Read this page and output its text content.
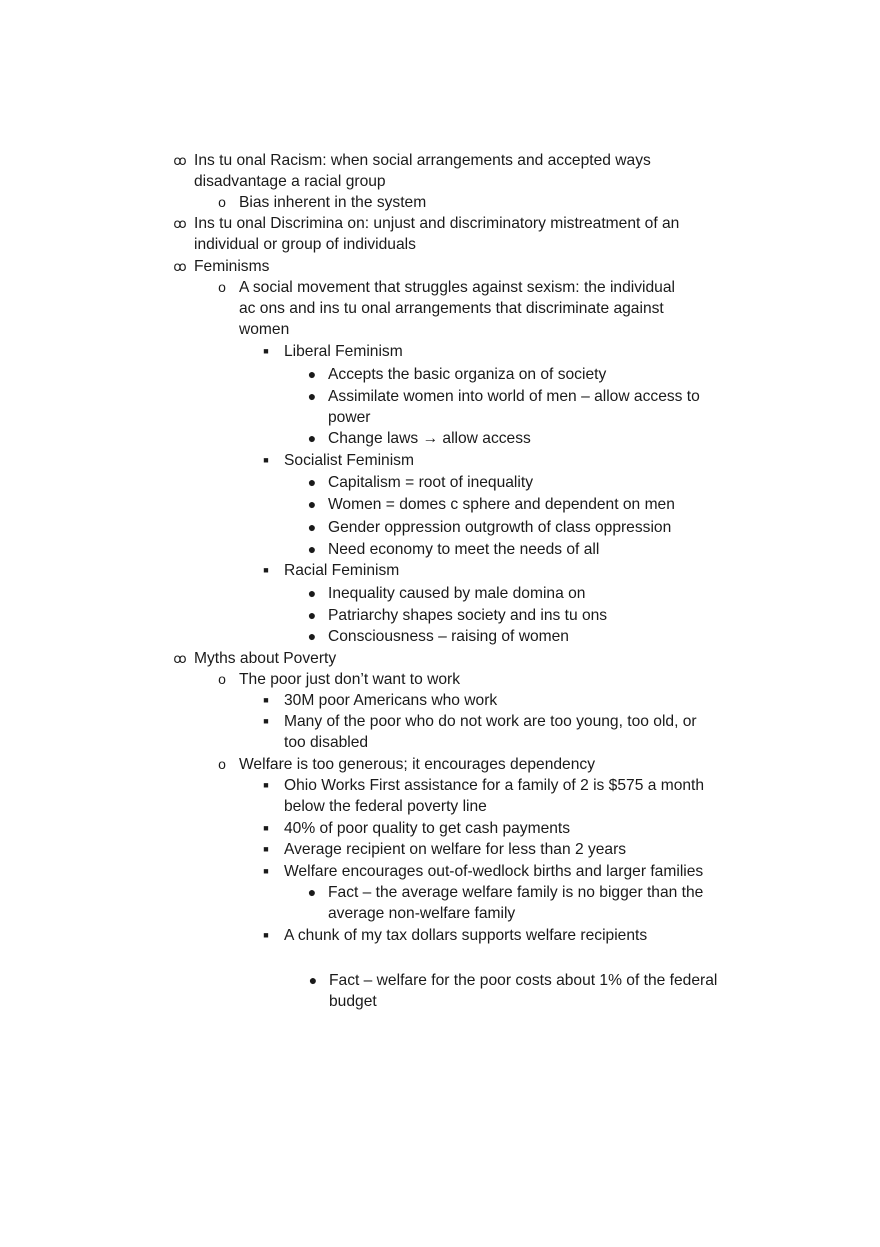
ꝏ Ins tu onal Racism: when social arrangements and accepted ways
disadvantage a racial group
o Bias inherent in the system
ꝏ Ins tu onal Discrimina on: unjust and discriminatory mistreatment of an
individual or group of individuals
ꝏ Feminisms
o A social movement that struggles against sexism: the individual
ac ons and ins tu onal arrangements that discriminate against
women
■ Liberal Feminism
● Accepts the basic organiza on of society
● Assimilate women into world of men – allow access to
power
● Change laws → allow access
■ Socialist Feminism
● Capitalism = root of inequality
● Women = domes c sphere and dependent on men
● Gender oppression outgrowth of class oppression
● Need economy to meet the needs of all
■ Racial Feminism
● Inequality caused by male domina on
● Patriarchy shapes society and ins tu ons
● Consciousness – raising of women
ꝏ Myths about Poverty
o The poor just don’t want to work
■ 30M poor Americans who work
■ Many of the poor who do not work are too young, too old, or
too disabled
o Welfare is too generous; it encourages dependency
■ Ohio Works First assistance for a family of 2 is $575 a month
below the federal poverty line
■ 40% of poor quality to get cash payments
■ Average recipient on welfare for less than 2 years
■ Welfare encourages out-of-wedlock births and larger families
● Fact – the average welfare family is no bigger than the
average non-welfare family
■ A chunk of my tax dollars supports welfare recipients
● Fact – welfare for the poor costs about 1% of the federal
budget
